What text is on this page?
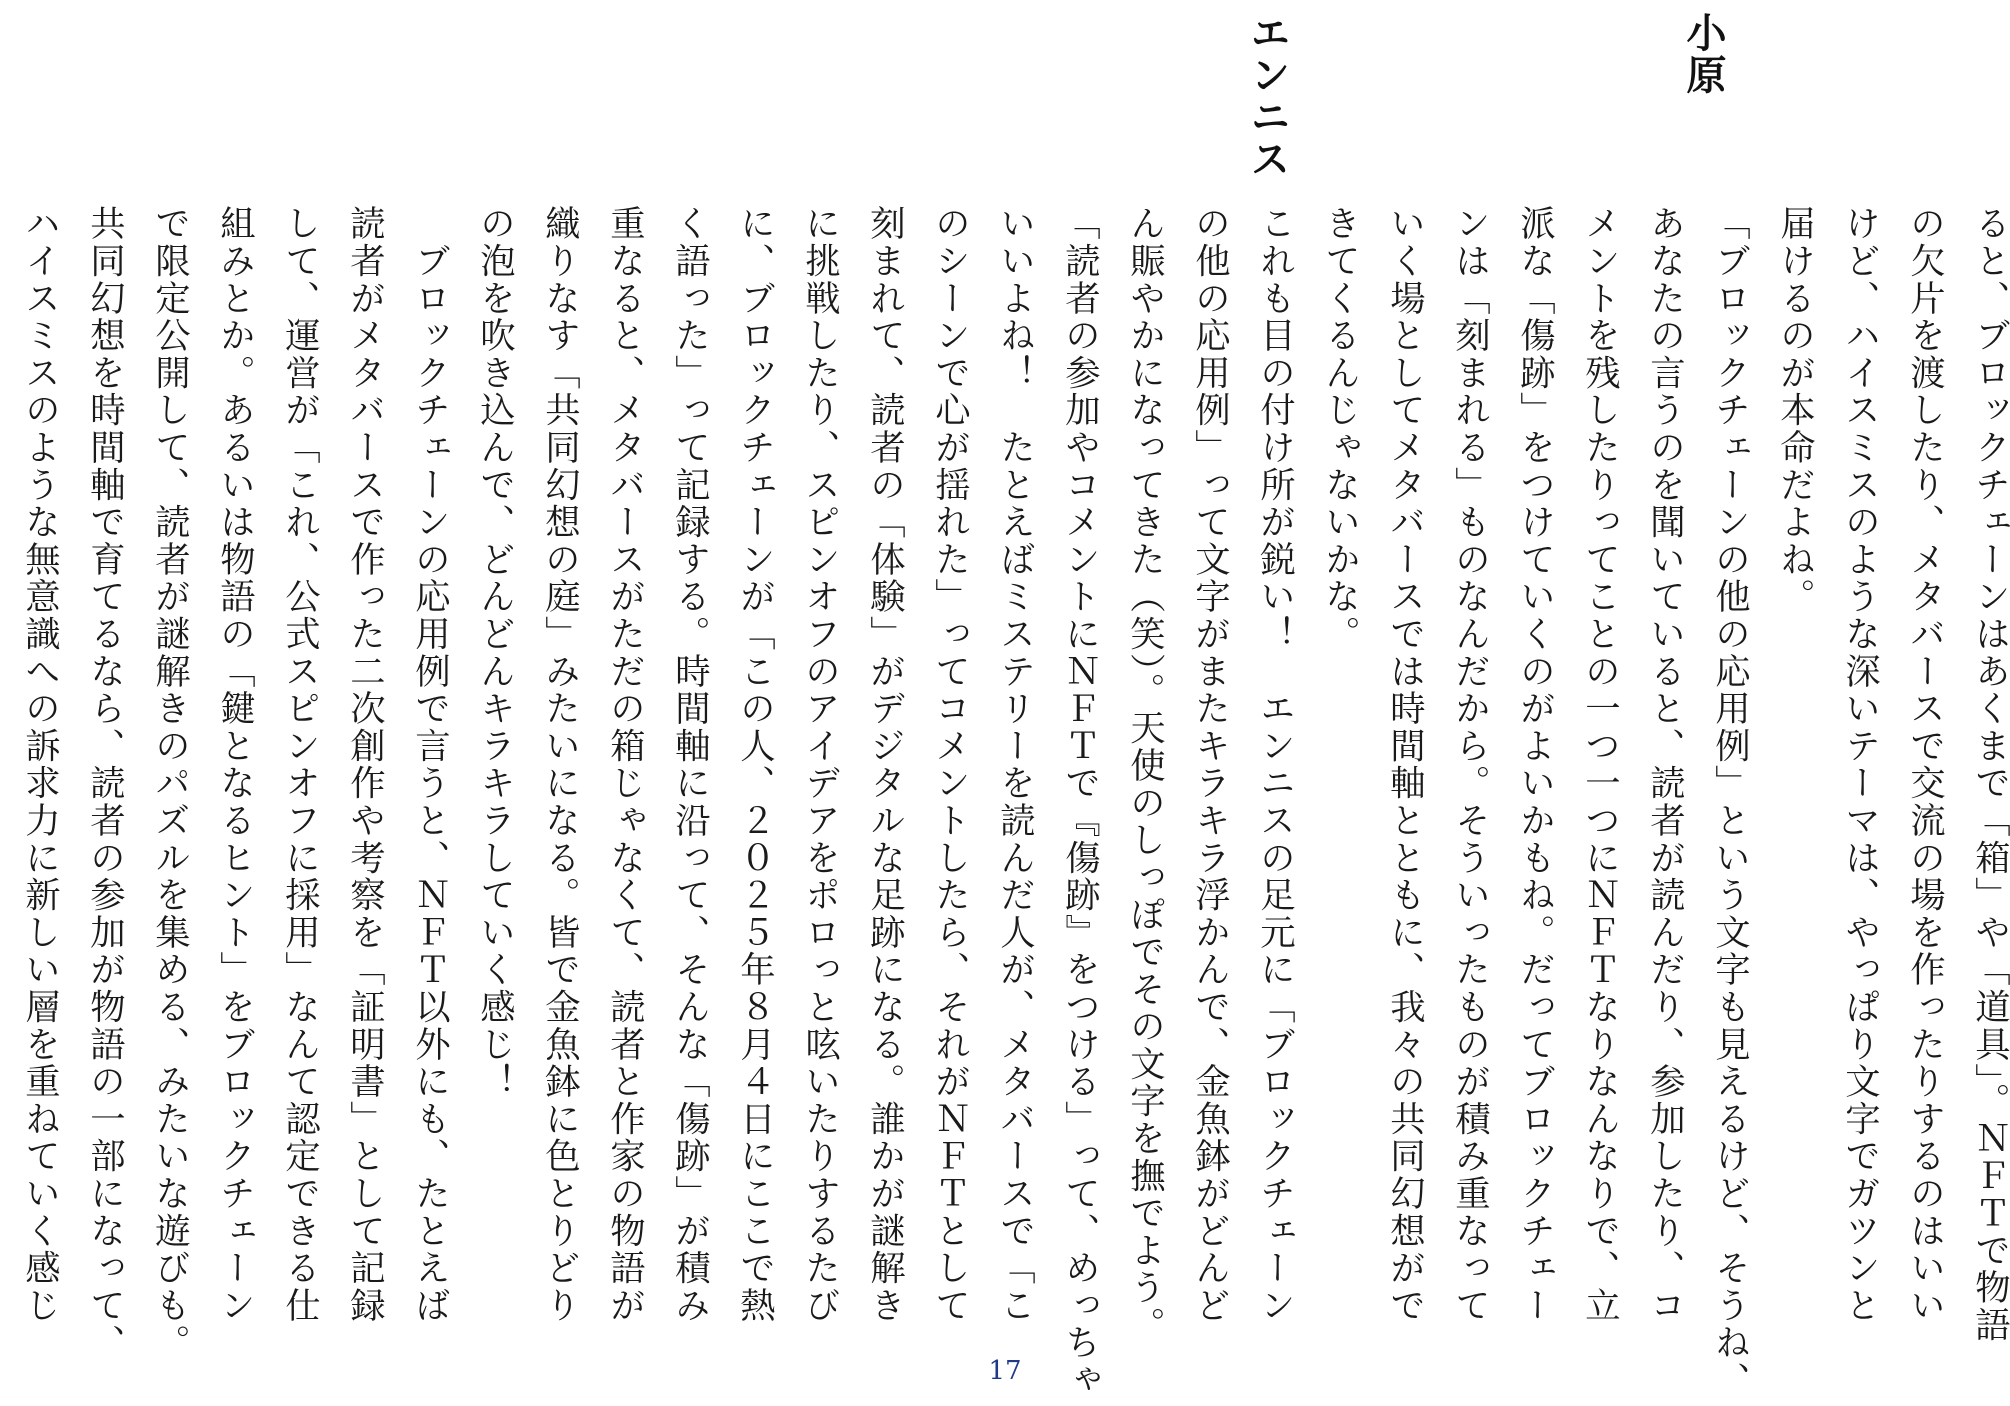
小原
エンニス
ると、ブロックチェーンはあくまで「箱」や「道具」。ＮＦＴで物語
の欠片を渡したり、メタバースで交流の場を作ったりするのはいい
けど、ハイスミスのような深いテーマは、やっぱり文字でガツンと
届けるのが本命だよね。
「ブロックチェーンの他の応用例」という文字も見えるけど、そうね、
あなたの言うのを聞いていると、読者が読んだり、参加したり、コ
メントを残したりってことの一つ一つにＮＦＴなりなんなりで、立
派な「傷跡」をつけていくのがよいかもね。だってブロックチェー
ンは「刻まれる」ものなんだから。そういったものが積み重なって
いく場としてメタバースでは時間軸とともに、我々の共同幻想がで
きてくるんじゃないかな。
これも目の付け所が鋭い！　エンニスの足元に「ブロックチェーン
の他の応用例」って文字がまたキラキラ浮かんで、金魚鉢がどんど
ん賑やかになってきた（笑）。天使のしっぽでその文字を撫でよう。
「読者の参加やコメントにＮＦＴで『傷跡』をつける」って、めっちゃ
いいよね！　たとえばミステリーを読んだ人が、メタバースで「こ
のシーンで心が揺れた」ってコメントしたら、それがＮＦＴとして
刻まれて、読者の「体験」がデジタルな足跡になる。誰かが謎解き
に挑戦したり、スピンオフのアイデアをポロっと呟いたりするたび
に、ブロックチェーンが「この人、２０２５年８月４日にここで熱
く語った」って記録する。時間軸に沿って、そんな「傷跡」が積み
重なると、メタバースがただの箱じゃなくて、読者と作家の物語が
織りなす「共同幻想の庭」みたいになる。皆で金魚鉢に色とりどり
の泡を吹き込んで、どんどんキラキラしていく感じ！
　ブロックチェーンの応用例で言うと、ＮＦＴ以外にも、たとえば
読者がメタバースで作った二次創作や考察を「証明書」として記録
して、運営が「これ、公式スピンオフに採用」なんて認定できる仕
組みとか。あるいは物語の「鍵となるヒント」をブロックチェーン
で限定公開して、読者が謎解きのパズルを集める、みたいな遊びも。
共同幻想を時間軸で育てるなら、読者の参加が物語の一部になって、
ハイスミスのような無意識への訴求力に新しい層を重ねていく感じ
17
